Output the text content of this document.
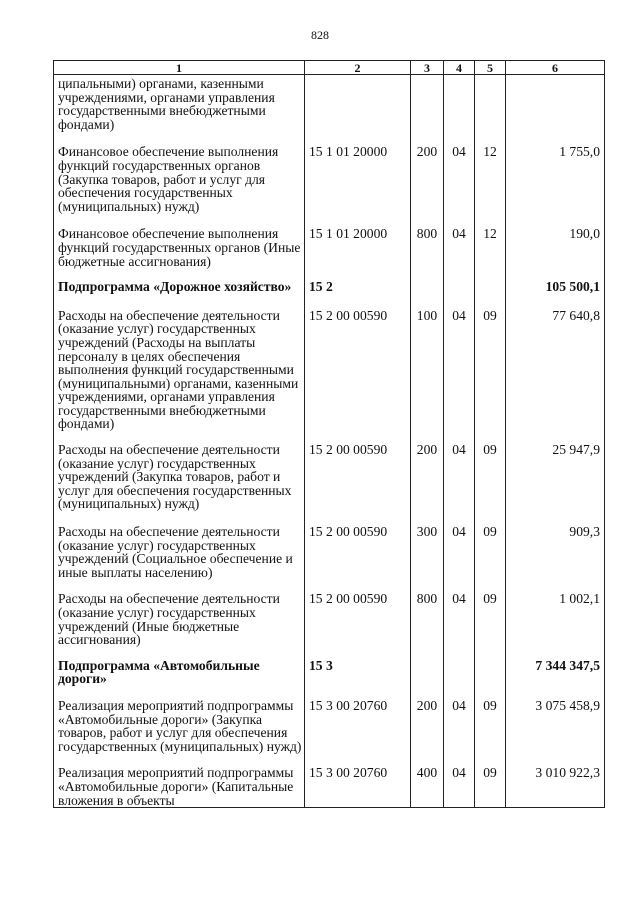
828
1	2	3	4	5	6
ципальными) органами, казенными учреждениями, органами управления государственными внебюджетными фондами)					
Финансовое обеспечение выполнения функций государственных органов (Закупка товаров, работ и услуг для обеспечения государственных (муниципальных) нужд)	15 1 01 20000	200	04	12	1 755,0
Финансовое обеспечение выполнения функций государственных органов (Иные бюджетные ассигнования)	15 1 01 20000	800	04	12	190,0
Подпрограмма «Дорожное хозяйство»	15 2				105 500,1
Расходы на обеспечение деятельности (оказание услуг) государственных учреждений (Расходы на выплаты персоналу в целях обеспечения выполнения функций государственными (муниципальными) органами, казенными учреждениями, органами управления государственными внебюджетными фондами)	15 2 00 00590	100	04	09	77 640,8
Расходы на обеспечение деятельности (оказание услуг) государственных учреждений (Закупка товаров, работ и услуг для обеспечения государственных (муниципальных) нужд)	15 2 00 00590	200	04	09	25 947,9
Расходы на обеспечение деятельности (оказание услуг) государственных учреждений (Социальное обеспечение и иные выплаты населению)	15 2 00 00590	300	04	09	909,3
Расходы на обеспечение деятельности (оказание услуг) государственных учреждений (Иные бюджетные ассигнования)	15 2 00 00590	800	04	09	1 002,1
Подпрограмма «Автомобильные дороги»	15 3				7 344 347,5
Реализация мероприятий подпрограммы «Автомобильные дороги» (Закупка товаров, работ и услуг для обеспечения государственных (муниципальных) нужд)	15 3 00 20760	200	04	09	3 075 458,9
Реализация мероприятий подпрограммы «Автомобильные дороги» (Капитальные вложения в объекты	15 3 00 20760	400	04	09	3 010 922,3
